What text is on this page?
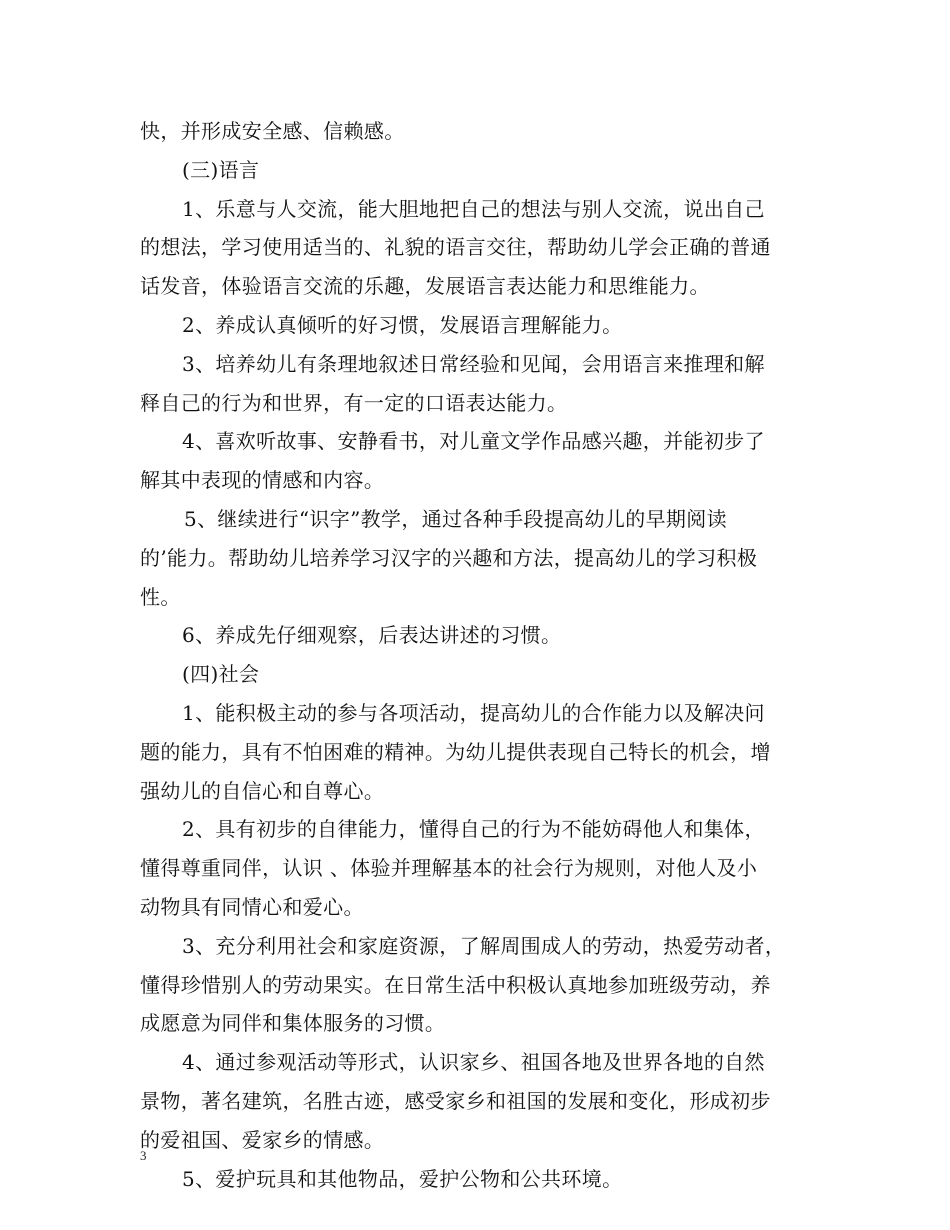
快，并形成安全感、信赖感。
(三)语言
1、乐意与人交流，能大胆地把自己的想法与别人交流，说出自己
的想法，学习使用适当的、礼貌的语言交往，帮助幼儿学会正确的普通
话发音，体验语言交流的乐趣，发展语言表达能力和思维能力。
2、养成认真倾听的好习惯，发展语言理解能力。
3、培养幼儿有条理地叙述日常经验和见闻，会用语言来推理和解
释自己的行为和世界，有一定的口语表达能力。
4、喜欢听故事、安静看书，对儿童文学作品感兴趣，并能初步了
解其中表现的情感和内容。
5、继续进行“识字”教学，通过各种手段提高幼儿的早期阅读
的’能力。帮助幼儿培养学习汉字的兴趣和方法，提高幼儿的学习积极
性。
6、养成先仔细观察，后表达讲述的习惯。
(四)社会
1、能积极主动的参与各项活动，提高幼儿的合作能力以及解决问
题的能力，具有不怕困难的精神。为幼儿提供表现自己特长的机会，增
强幼儿的自信心和自尊心。
2、具有初步的自律能力，懂得自己的行为不能妨碍他人和集体，
懂得尊重同伴，认识 、体验并理解基本的社会行为规则，对他人及小
动物具有同情心和爱心。
3、充分利用社会和家庭资源，了解周围成人的劳动，热爱劳动者，
懂得珍惜别人的劳动果实。在日常生活中积极认真地参加班级劳动，养
成愿意为同伴和集体服务的习惯。
4、通过参观活动等形式，认识家乡、祖国各地及世界各地的自然
景物，著名建筑，名胜古迹，感受家乡和祖国的发展和变化，形成初步
的爱祖国、爱家乡的情感。
5、爱护玩具和其他物品，爱护公物和公共环境。
3
